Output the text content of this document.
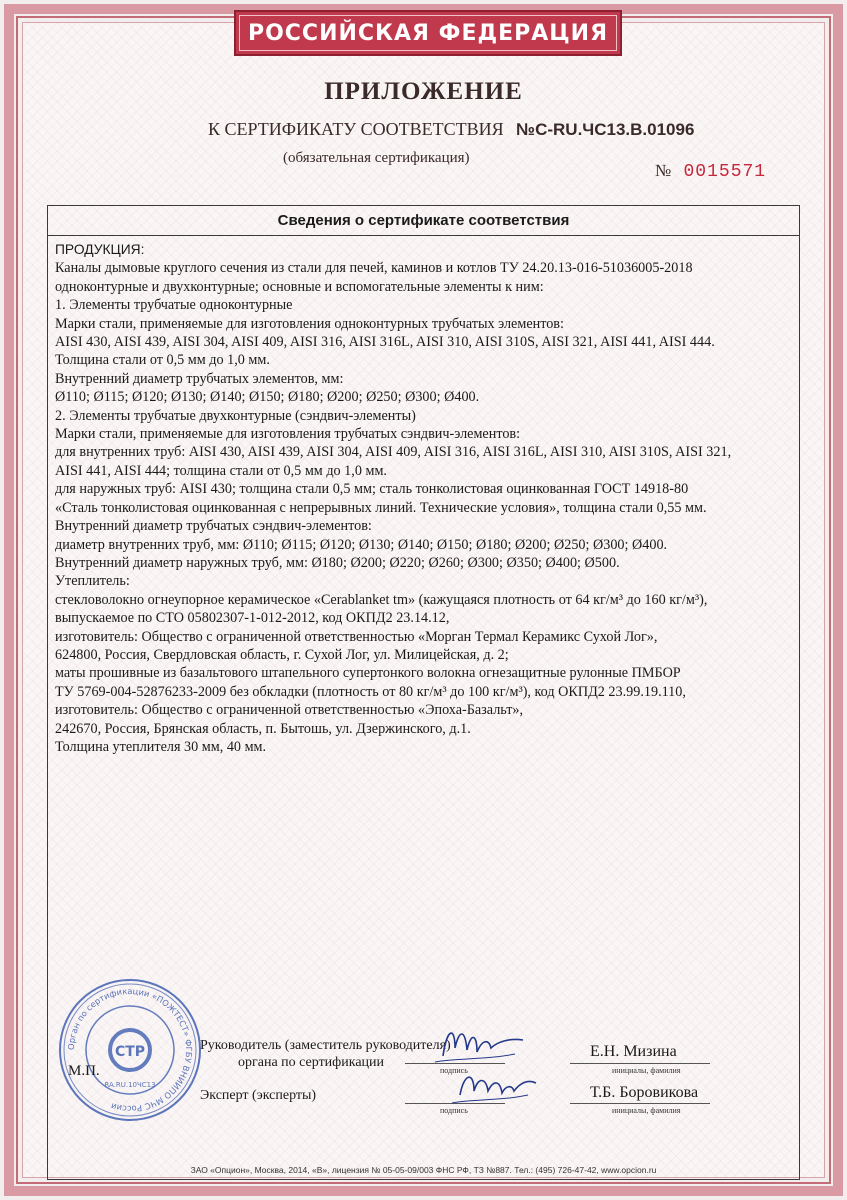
РОССИЙСКАЯ ФЕДЕРАЦИЯ
ПРИЛОЖЕНИЕ
К СЕРТИФИКАТУ СООТВЕТСТВИЯ №С-RU.ЧС13.В.01096
(обязательная сертификация)
№ 0015571
Сведения о сертификате соответствия
ПРОДУКЦИЯ:
Каналы дымовые круглого сечения из стали для печей, каминов и котлов ТУ 24.20.13-016-51036005-2018
одноконтурные и двухконтурные; основные и вспомогательные элементы к ним:
1. Элементы трубчатые одноконтурные
Марки стали, применяемые для изготовления одноконтурных трубчатых элементов:
AISI 430, AISI 439, AISI 304, AISI 409, AISI 316, AISI 316L, AISI 310, AISI 310S, AISI 321, AISI 441, AISI 444.
Толщина стали от 0,5 мм до 1,0 мм.
Внутренний диаметр трубчатых элементов, мм:
Ø110; Ø115; Ø120; Ø130; Ø140; Ø150; Ø180; Ø200; Ø250; Ø300; Ø400.
2. Элементы трубчатые двухконтурные (сэндвич-элементы)
Марки стали, применяемые для изготовления трубчатых сэндвич-элементов:
для внутренних труб: AISI 430, AISI 439, AISI 304, AISI 409, AISI 316, AISI 316L, AISI 310, AISI 310S, AISI 321,
AISI 441, AISI 444; толщина стали от 0,5 мм до 1,0 мм.
для наружных труб: AISI 430; толщина стали 0,5 мм; сталь тонколистовая оцинкованная ГОСТ 14918-80
«Сталь тонколистовая оцинкованная с непрерывных линий. Технические условия», толщина стали 0,55 мм.
Внутренний диаметр трубчатых сэндвич-элементов:
диаметр внутренних труб, мм: Ø110; Ø115; Ø120; Ø130; Ø140; Ø150; Ø180; Ø200; Ø250; Ø300; Ø400.
Внутренний диаметр наружных труб, мм: Ø180; Ø200; Ø220; Ø260; Ø300; Ø350; Ø400; Ø500.
Утеплитель:
стекловолокно огнеупорное керамическое «Cerablanket tm» (кажущаяся плотность от 64 кг/м³ до 160 кг/м³),
выпускаемое по СТО 05802307-1-012-2012, код ОКПД2 23.14.12,
изготовитель: Общество с ограниченной ответственностью «Морган Термал Керамикс Сухой Лог»,
624800, Россия, Свердловская область, г. Сухой Лог, ул. Милицейская, д. 2;
маты прошивные из базальтового штапельного супертонкого волокна огнезащитные рулонные ПМБОР
ТУ 5769-004-52876233-2009 без обкладки (плотность от 80 кг/м³ до 100 кг/м³), код ОКПД2 23.99.19.110,
изготовитель: Общество с ограниченной ответственностью «Эпоха-Базальт»,
242670, Россия, Брянская область, п. Бытошь, ул. Дзержинского, д.1.
Толщина утеплителя 30 мм, 40 мм.
Орган по сертификации «ПОЖТЕСТ» ФГБУ ВНИИПО МЧС России
СТР
RA.RU.10ЧС13
М.П.
Руководитель (заместитель руководителя)
органа по сертификации
Эксперт (эксперты)
подпись	инициалы, фамилия
подпись	инициалы, фамилия
Е.Н. Мизина
Т.Б. Боровикова
ЗАО «Опцион», Москва, 2014, «В», лицензия № 05-05-09/003 ФНС РФ, ТЗ №887. Тел.: (495) 726-47-42, www.opcion.ru
